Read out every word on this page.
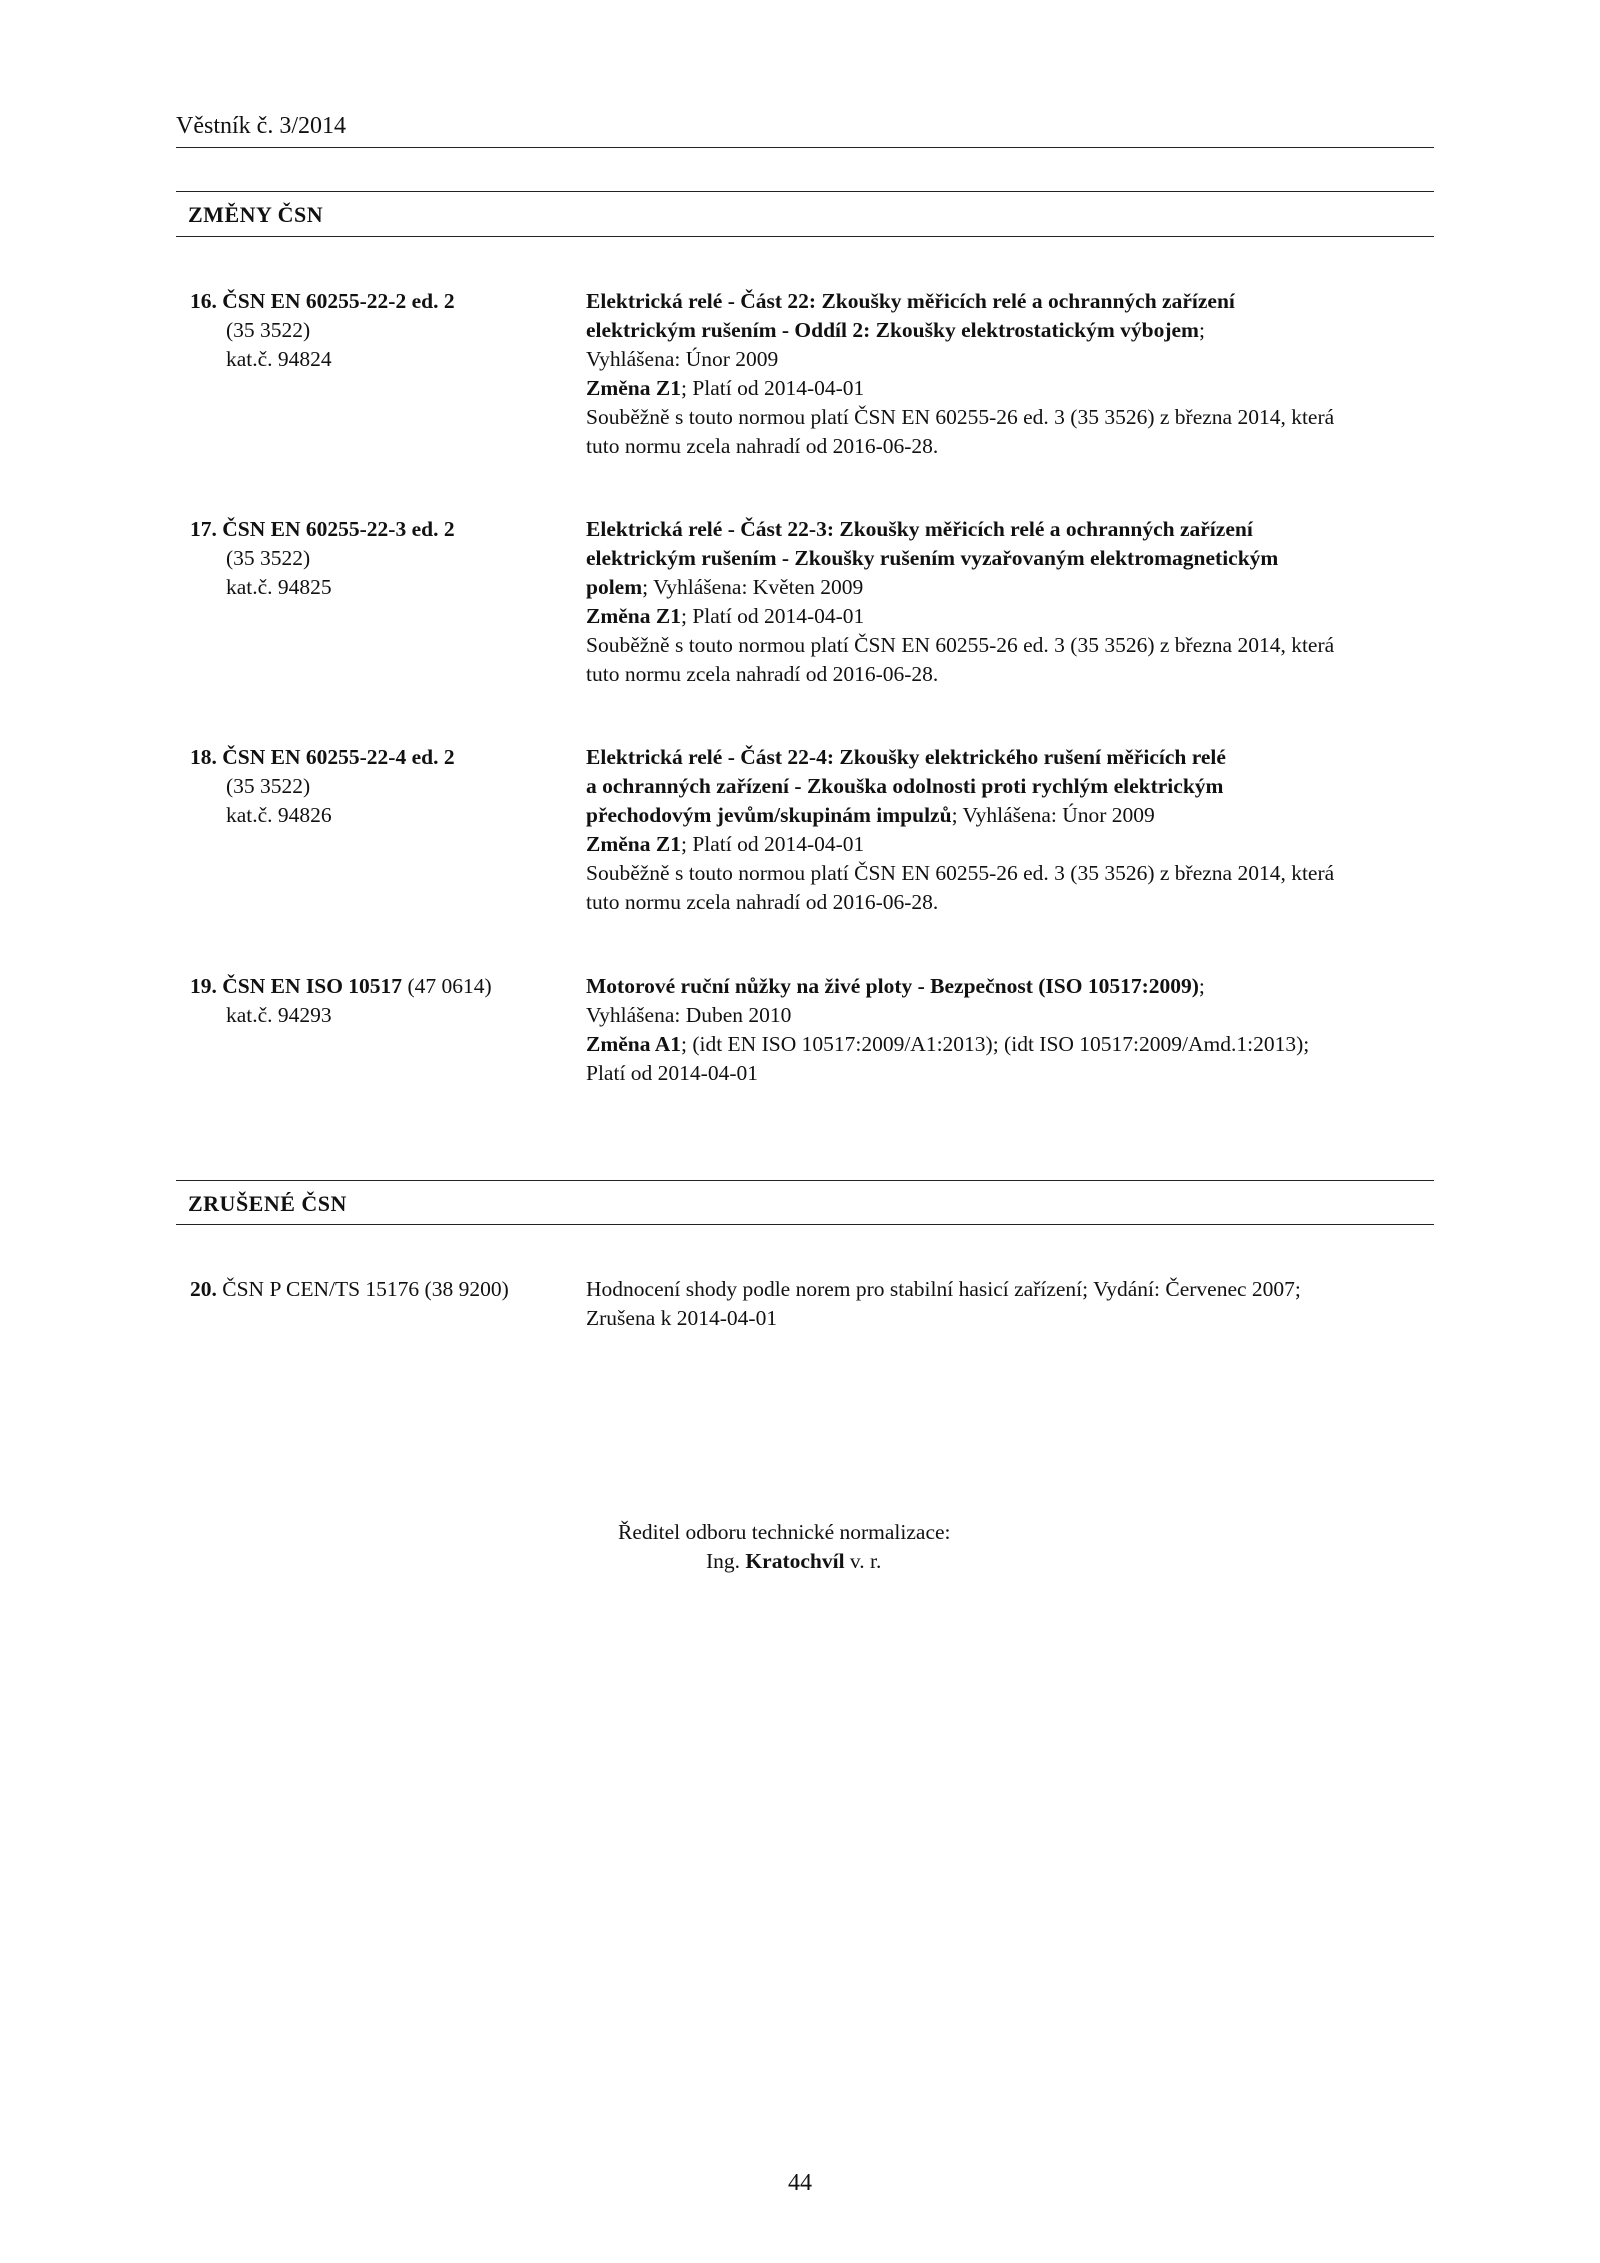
Věstník č. 3/2014
ZMĚNY ČSN
16. ČSN EN 60255-22-2 ed. 2
(35 3522)
kat.č. 94824
Elektrická relé - Část 22: Zkoušky měřicích relé a ochranných zařízení
elektrickým rušením - Oddíl 2: Zkoušky elektrostatickým výbojem;
Vyhlášena: Únor 2009
Změna Z1; Platí od 2014-04-01
Souběžně s touto normou platí ČSN EN 60255-26 ed. 3 (35 3526) z března 2014, která
tuto normu zcela nahradí od 2016-06-28.
17. ČSN EN 60255-22-3 ed. 2
(35 3522)
kat.č. 94825
Elektrická relé - Část 22-3: Zkoušky měřicích relé a ochranných zařízení
elektrickým rušením - Zkoušky rušením vyzařovaným elektromagnetickým
polem; Vyhlášena: Květen 2009
Změna Z1; Platí od 2014-04-01
Souběžně s touto normou platí ČSN EN 60255-26 ed. 3 (35 3526) z března 2014, která
tuto normu zcela nahradí od 2016-06-28.
18. ČSN EN 60255-22-4 ed. 2
(35 3522)
kat.č. 94826
Elektrická relé - Část 22-4: Zkoušky elektrického rušení měřicích relé
a ochranných zařízení - Zkouška odolnosti proti rychlým elektrickým
přechodovým jevům/skupinám impulzů; Vyhlášena: Únor 2009
Změna Z1; Platí od 2014-04-01
Souběžně s touto normou platí ČSN EN 60255-26 ed. 3 (35 3526) z března 2014, která
tuto normu zcela nahradí od 2016-06-28.
19. ČSN EN ISO 10517 (47 0614)
kat.č. 94293
Motorové ruční nůžky na živé ploty - Bezpečnost (ISO 10517:2009);
Vyhlášena: Duben 2010
Změna A1; (idt EN ISO 10517:2009/A1:2013); (idt ISO 10517:2009/Amd.1:2013);
Platí od 2014-04-01
ZRUŠENÉ ČSN
20. ČSN P CEN/TS 15176 (38 9200)	Hodnocení shody podle norem pro stabilní hasicí zařízení; Vydání: Červenec 2007;
Zrušena k 2014-04-01
Ředitel odboru technické normalizace:
Ing. Kratochvíl v. r.
44
